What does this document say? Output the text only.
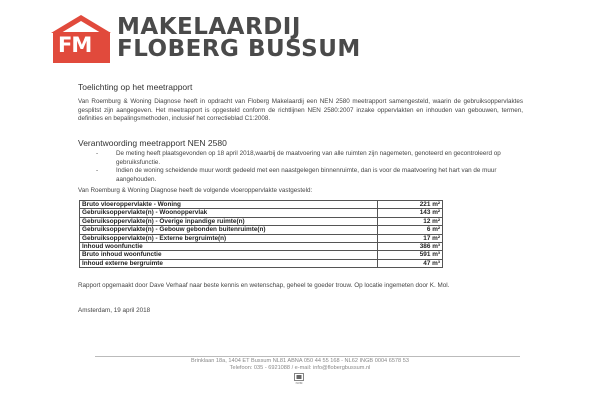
FM
MAKELAARDIJ
FLOBERG BUSSUM
Toelichting op het meetrapport
Van Roemburg & Woning Diagnose heeft in opdracht van Floberg Makelaardij een NEN 2580 meetrapport samengesteld, waarin de gebruiksoppervlaktes gesplitst zijn aangegeven. Het meetrapport is opgesteld conform de richtlijnen NEN 2580:2007 inzake oppervlakten en inhouden van gebouwen, termen, definities en bepalingsmethoden, inclusief het correctieblad C1:2008.
Verantwoording meetrapport NEN 2580
- De meting heeft plaatsgevonden op 18 april 2018,waarbij de maatvoering van alle ruimten zijn nagemeten, genoteerd en gecontroleerd op gebruiksfunctie.
- Indien de woning scheidende muur wordt gedeeld met een naastgelegen binnenruimte, dan is voor de maatvoering het hart van de muur aangehouden.
Van Roemburg & Woning Diagnose heeft de volgende vloeroppervlakte vastgesteld:
Bruto vloeroppervlakte - Woning	221 m²
Gebruiksoppervlakte(n) - Woonoppervlak	143 m²
Gebruiksoppervlakte(n) - Overige inpandige ruimte(n)	12 m²
Gebruiksoppervlakte(n) - Gebouw gebonden buitenruimte(n)	6 m²
Gebruiksoppervlakte(n) - Externe bergruimte(n)	17 m²
Inhoud woonfunctie	386 m³
Bruto inhoud woonfunctie	591 m³
Inhoud externe bergruimte	47 m³
Rapport opgemaakt door Dave Verhaaf naar beste kennis en wetenschap, geheel te goeder trouw. Op locatie ingemeten door K. Mol.
Amsterdam, 19 april 2018
Brinklaan 18a, 1404 ET Bussum NL81 ABNA 050 44 55 168 - NL62 INGB 0004 6578 53
Telefoon: 035 - 6921088 / e-mail: info@flobergbussum.nl
NVM
